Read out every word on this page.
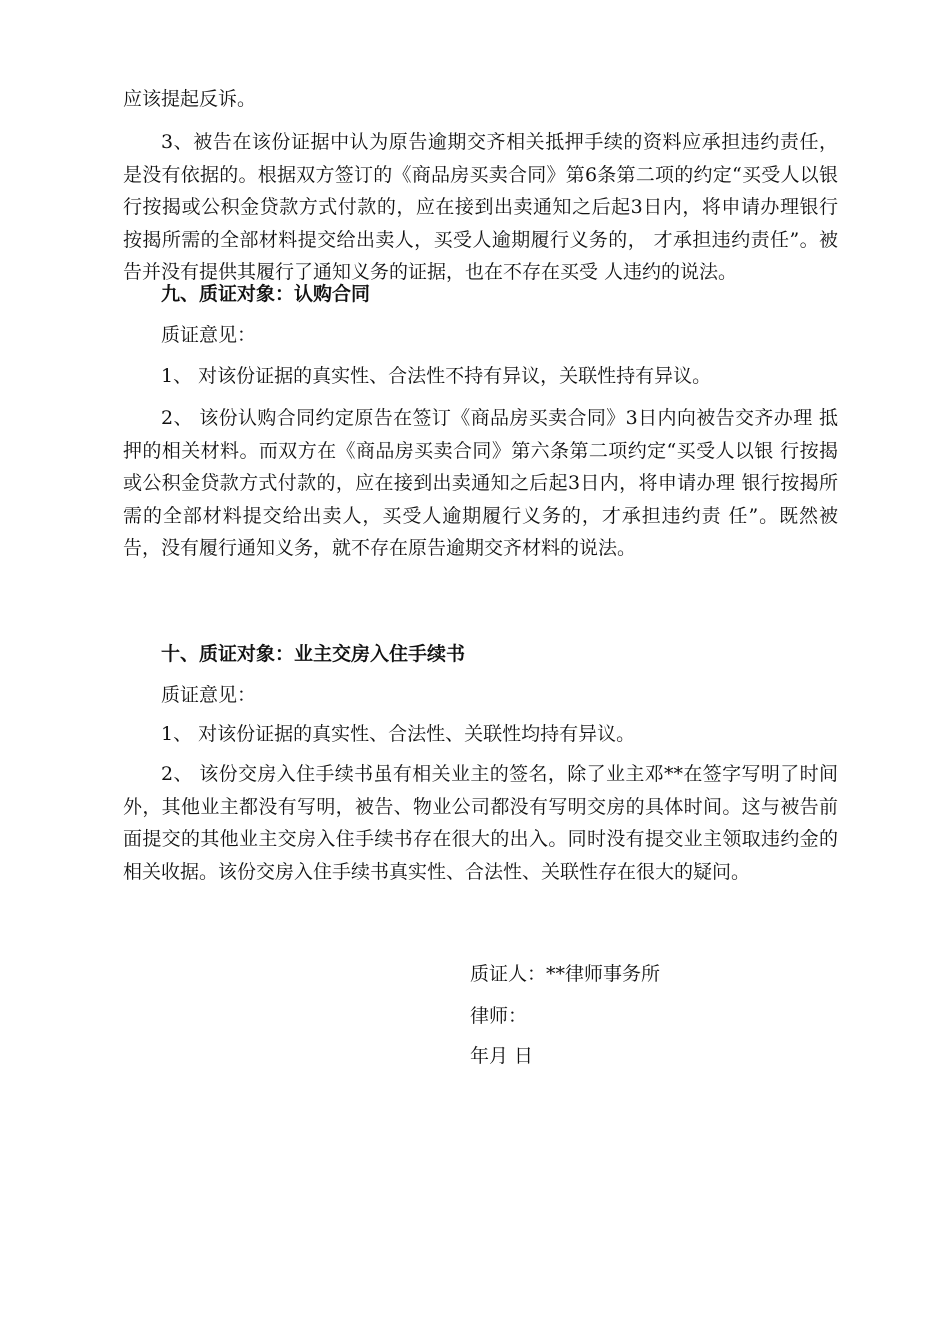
应该提起反诉。

3、被告在该份证据中认为原告逾期交齐相关抵押手续的资料应承担违约责任，是没有依据的。根据双方签订的《商品房买卖合同》第6条第二项的约定“买受人以银行按揭或公积金贷款方式付款的，应在接到出卖通知之后起3日内，将申请办理银行按揭所需的全部材料提交给出卖人，买受人逾期履行义务的， 才承担违约责任”。被告并没有提供其履行了通知义务的证据，也在不存在买受 人违约的说法。

九、质证对象：认购合同

质证意见：

1、 对该份证据的真实性、合法性不持有异议，关联性持有异议。

2、 该份认购合同约定原告在签订《商品房买卖合同》3日内向被告交齐办理 抵押的相关材料。而双方在《商品房买卖合同》第六条第二项约定“买受人以银 行按揭或公积金贷款方式付款的，应在接到出卖通知之后起3日内，将申请办理 银行按揭所需的全部材料提交给出卖人，买受人逾期履行义务的，才承担违约责 任”。既然被告，没有履行通知义务，就不存在原告逾期交齐材料的说法。

十、质证对象：业主交房入住手续书

质证意见：

1、 对该份证据的真实性、合法性、关联性均持有异议。

2、 该份交房入住手续书虽有相关业主的签名，除了业主邓**在签字写明了时间外，其他业主都没有写明，被告、物业公司都没有写明交房的具体时间。这与被告前面提交的其他业主交房入住手续书存在很大的出入。同时没有提交业主领取违约金的相关收据。该份交房入住手续书真实性、合法性、关联性存在很大的疑问。

质证人：**律师事务所

律师：

年月 日
